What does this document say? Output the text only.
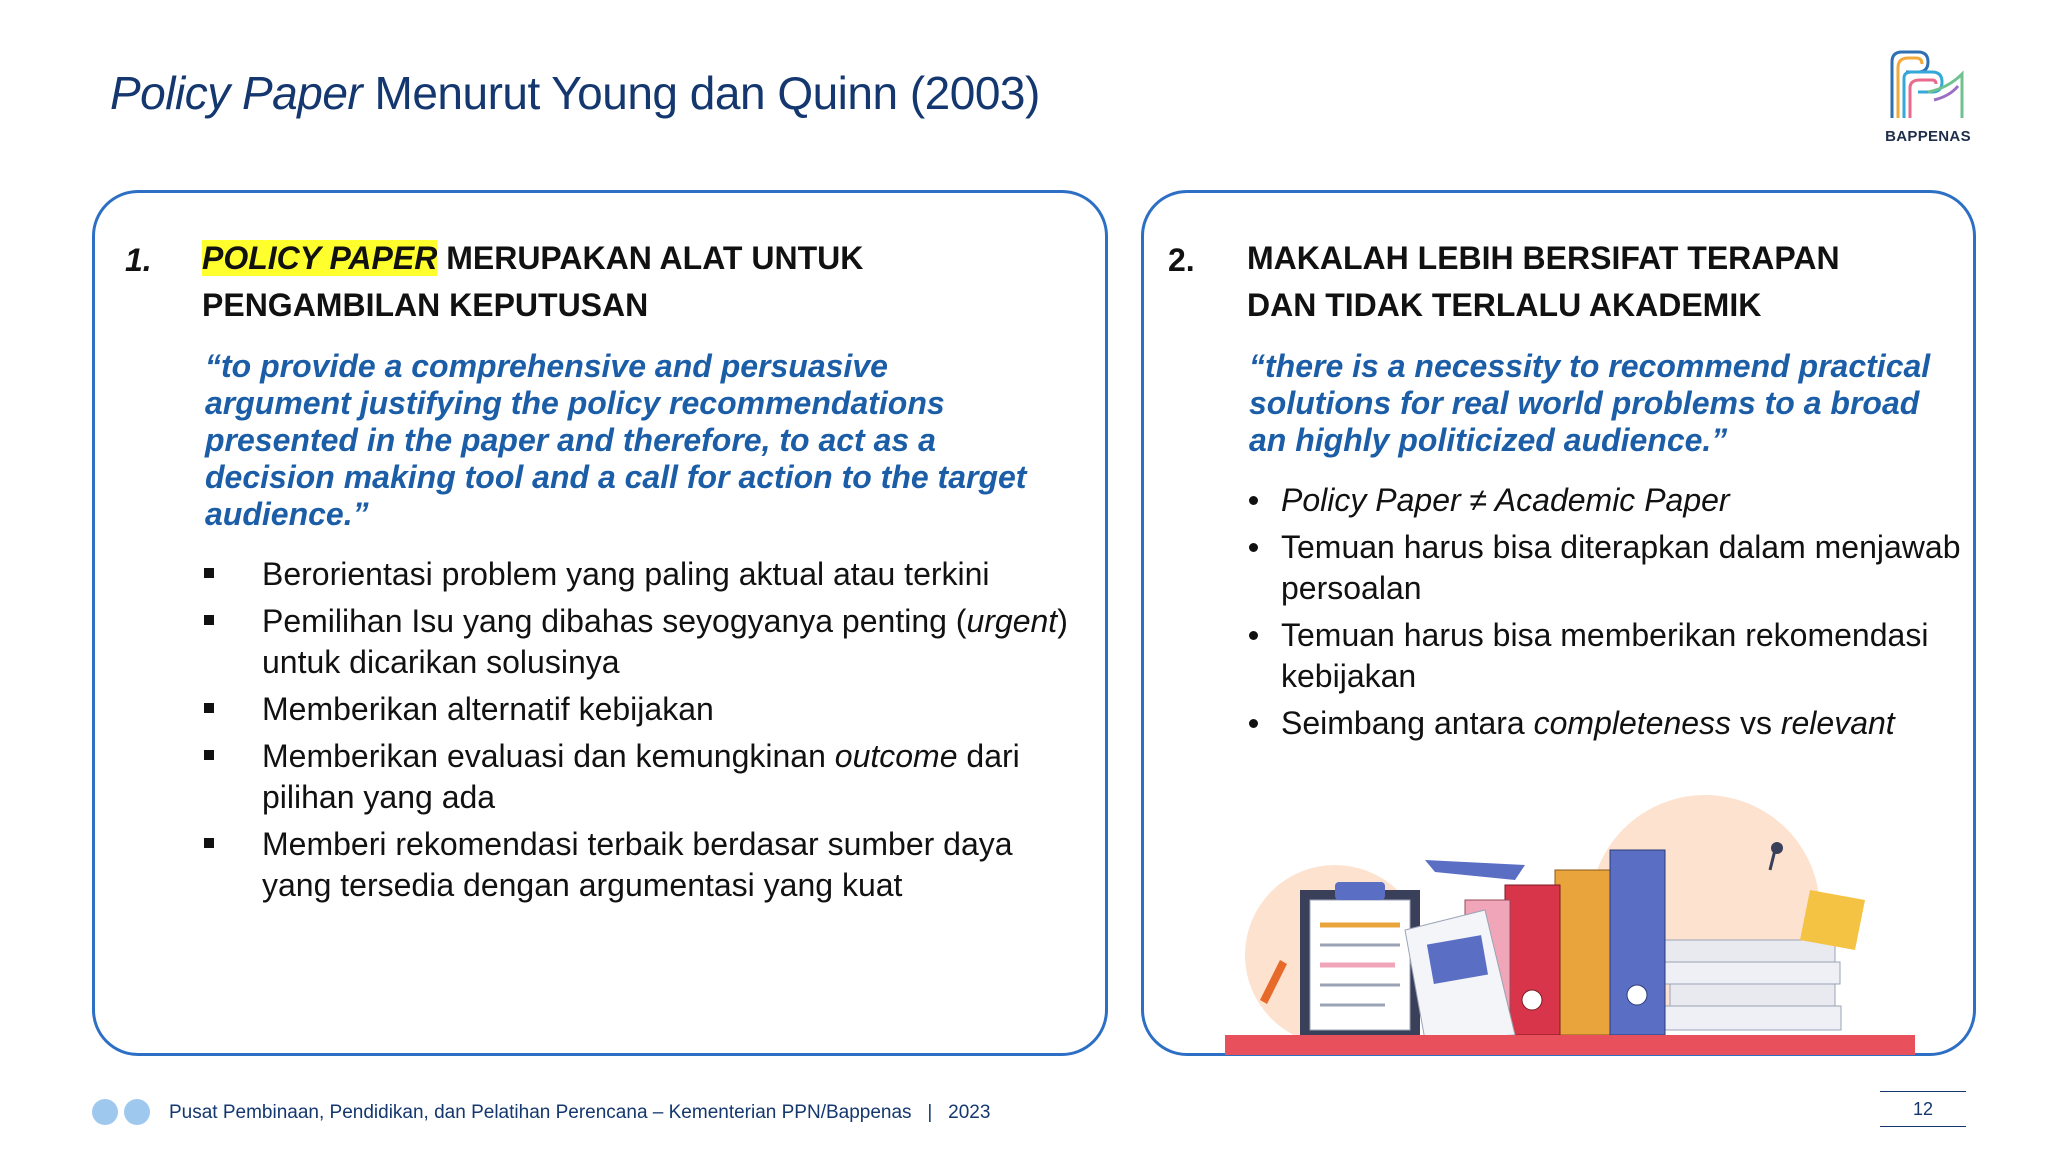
Policy Paper Menurut Young dan Quinn (2003)
BAPPENAS
1. POLICY PAPER MERUPAKAN ALAT UNTUK
PENGAMBILAN KEPUTUSAN
“to provide a comprehensive and persuasive argument justifying the policy recommendations presented in the paper and therefore, to act as a decision making tool and a call for action to the target audience.”
Berorientasi problem yang paling aktual atau terkini
Pemilihan Isu yang dibahas seyogyanya penting (urgent) untuk dicarikan solusinya
Memberikan alternatif kebijakan
Memberikan evaluasi dan kemungkinan outcome dari pilihan yang ada
Memberi rekomendasi terbaik berdasar sumber daya yang tersedia dengan argumentasi yang kuat
2. MAKALAH LEBIH BERSIFAT TERAPAN
DAN TIDAK TERLALU AKADEMIK
“there is a necessity to recommend practical solutions for real world problems to a broad an highly politicized audience.”
Policy Paper ≠ Academic Paper
Temuan harus bisa diterapkan dalam menjawab persoalan
Temuan harus bisa memberikan rekomendasi kebijakan
Seimbang antara completeness vs relevant
Pusat Pembinaan, Pendidikan, dan Pelatihan Perencana – Kementerian PPN/Bappenas   |   2023	12
